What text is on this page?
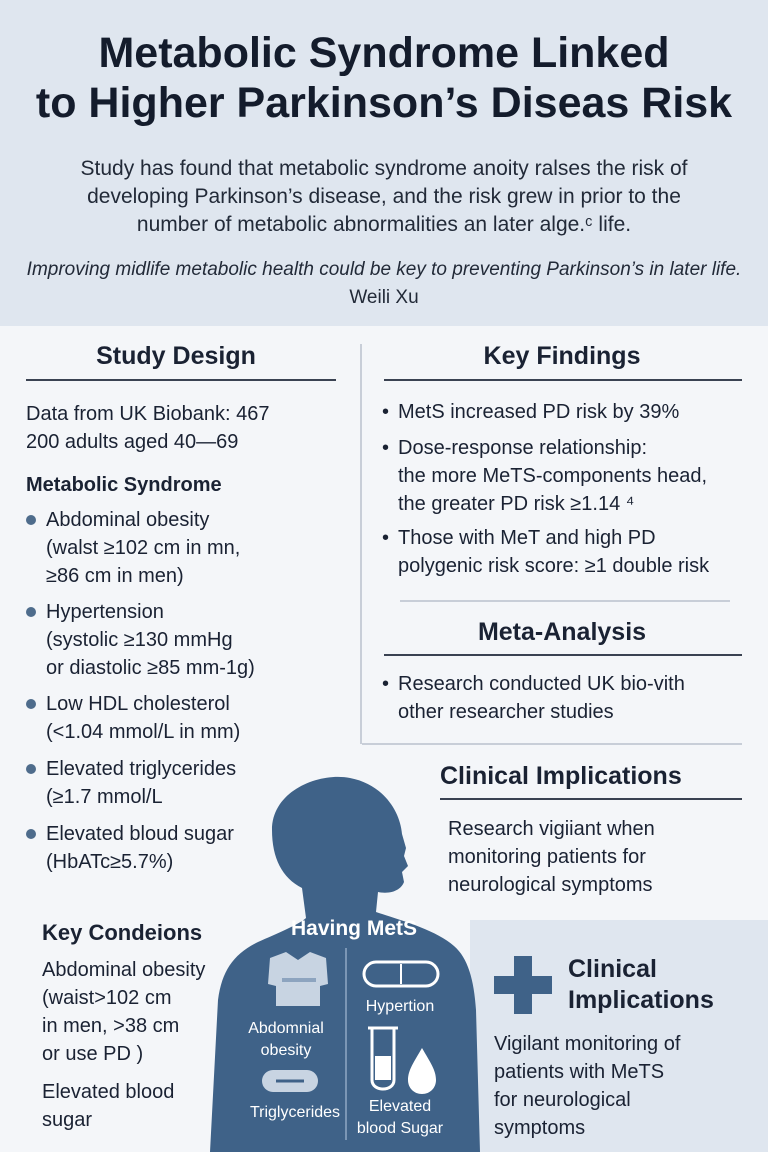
Metabolic Syndrome Linked
to Higher Parkinson’s Diseas Risk

Study has found that metabolic syndrome anoity ralses the risk of developing Parkinson’s disease, and the risk grew in prior to the number of metabolic abnormalities an later alge.ᶜ life.

Improving midlife metabolic health could be key to preventing Parkinson’s in later life. Weili Xu

Study Design
Data from UK Biobank: 467
200 adults aged 40—69
Metabolic Syndrome
Abdominal obesity
(walst ≥102 cm in mn,
≥86 cm in men)
Hypertension
(systolic ≥130 mmHg
or diastolic ≥85 mm-1g)
Low HDL cholesterol
(<1.04 mmol/L in mm)
Elevated triglycerides
(≥1.7 mmol/L
Elevated bloud sugar
(HbATc≥5.7%)
Key Findings
• MetS increased PD risk by 39%
• Dose-response relationship:
the more MeTS-components head,
the greater PD risk ≥1.14 ⁴
• Those with MeT and high PD
polygenic risk score: ≥1 double risk
Meta-Analysis
• Research conducted UK bio-vith
other researcher studies
Clinical Implications
Research vigiiant when
monitoring patients for
neurological symptoms
Key Condeions
Abdominal obesity
(waist>102 cm
in men, >38 cm
or use PD )
Elevated blood
sugar
Having MetS
Abdomnial
obesity
Hypertion
Triglycerides	Elevated
blood Sugar
Clinical
Implications
Vigilant monitoring of
patients with MeTS
for neurological
symptoms
